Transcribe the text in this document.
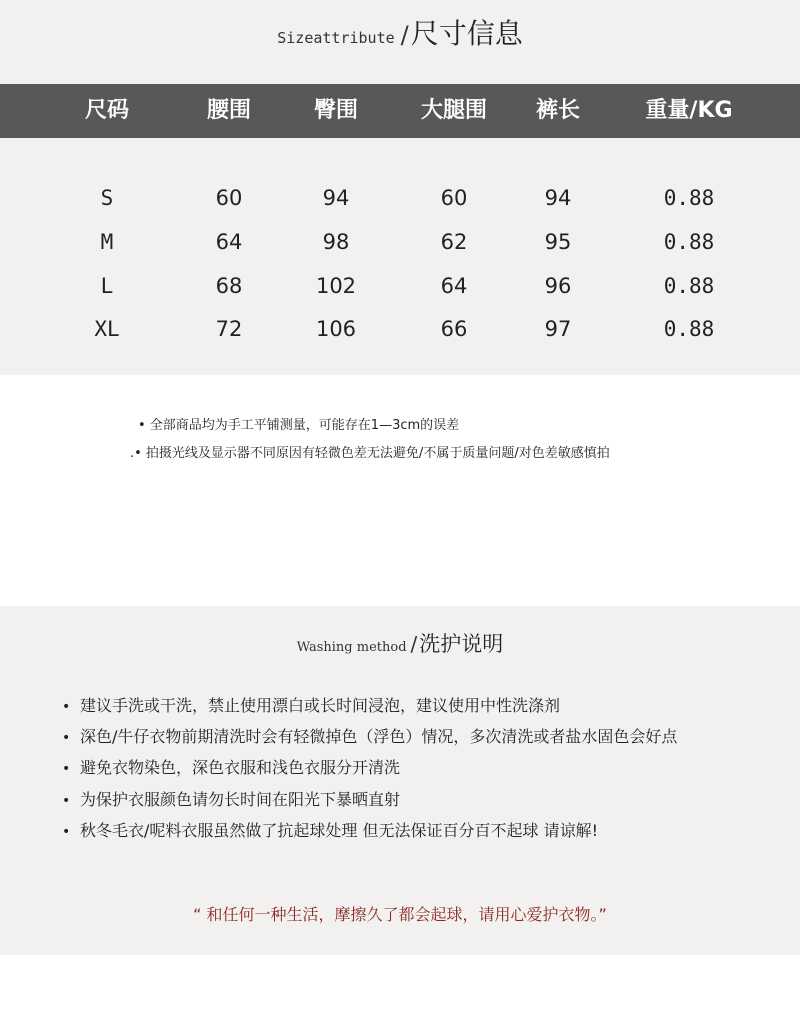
Sizeattribute / 尺寸信息
尺码	腰围	臀围	大腿围 裤长	重量/KG
S	60	94	60	94	0.88
M	64	98	62	95	0.88
L	68	102	64	96	0.88
XL	72	106	66	97	0.88
• 全部商品均为手工平铺测量，可能存在1—3cm的误差
.• 拍摄光线及显示器不同原因有轻微色差无法避免/不属于质量问题/对色差敏感慎拍
Washing method / 洗护说明
• 建议手洗或干洗，禁止使用漂白或长时间浸泡，建议使用中性洗涤剂
• 深色/牛仔衣物前期清洗时会有轻微掉色（浮色）情况，多次清洗或者盐水固色会好点
• 避免衣物染色，深色衣服和浅色衣服分开清洗
• 为保护衣服颜色请勿长时间在阳光下暴晒直射
• 秋冬毛衣/呢料衣服虽然做了抗起球处理 但无法保证百分百不起球 请谅解!
“ 和任何一种生活，摩擦久了都会起球，请用心爱护衣物。”
